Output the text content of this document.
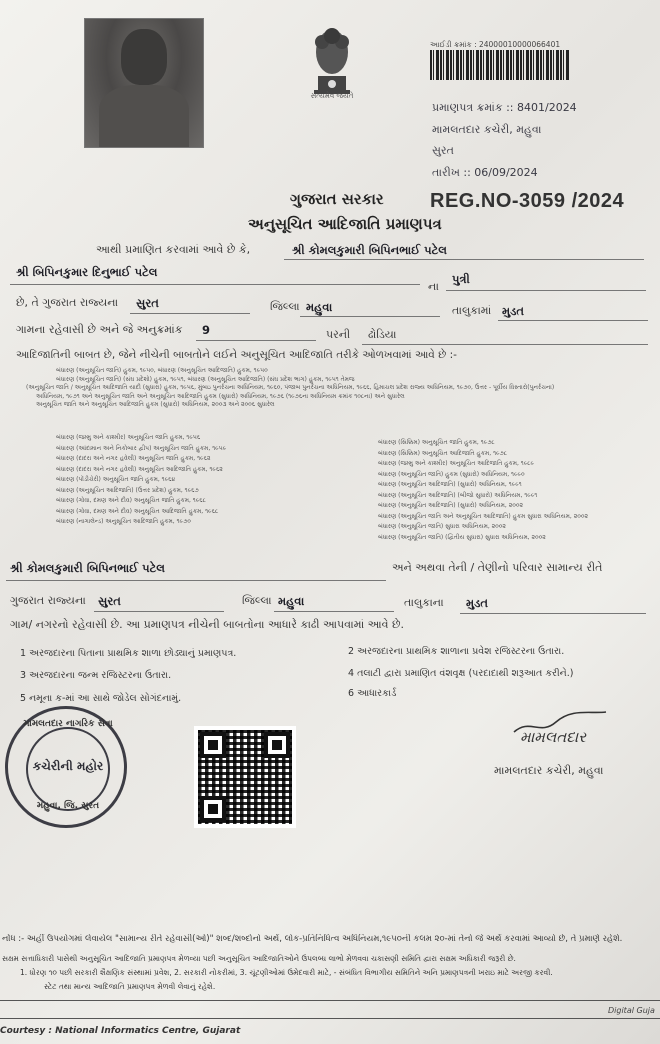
સત્યમેવ જયતે
આઈડી ક્રમાંક : 24000010000066401
પ્રમાણપત્ર ક્રમાંક :: 8401/2024
મામલતદાર કચેરી, મહુવા
સુરત
તારીખ :: 06/09/2024
ગુજરાત સરકાર REG.NO-3059 /2024
અનુસૂચિત આદિજાતિ પ્રમાણપત્ર
આથી પ્રમાણિત કરવામાં આવે છે કે,	શ્રી કોમલકુમારી બિપિનભાઈ પટેલ
શ્રી બિપિનકુમાર દિનુભાઈ પટેલ
ના
પુત્રી
છે, તે ગુજરાત રાજ્યના સુરત	જિલ્લા મહુવા	તાલુકામાં મુડત
ગામના રહેવાસી છે અને જે અનુક્રમાંક 9	પરની ઢોડિયા
આદિજાતિની બાબત છે, જેને નીચેની બાબતોને લઈને અનુસૂચિત આદિજાતિ તરીકે ઓળખવામાં આવે છે :-
બંધારણ (અનુસૂચિત જાતિ) હુકમ, ૧૯૫૦, બંધારણ (અનુસૂચિત આદિજાતિ) હુકમ, ૧૯૫૦
બંધારણ (અનુસૂચિત જાતિ) (સંઘ પ્રદેશો) હુકમ, ૧૯૫૧, બંધારણ (અનુસૂચિત આદિજાતિ) (સંઘ પ્રદેશ ભાગ) હુકમ, ૧૯૫૧ તેમજ
(અનુસૂચિત જાતિ / અનુસૂચિત આદિજાતિ યાદી (સુધારા) હુકમ, ૧૯૫૬, મુંબઇ પુનર્રચના અધિનિયમ, ૧૯૬૦, પંજાબ પુનર્રચના અધિનિયમ, ૧૯૬૬, હિમાચલ પ્રદેશ રાજ્ય અધિનિયમ, ૧૯૭૦, ઉત્તર - પૂર્વીય વિસ્તારો(પુનર્રચના)
અધિનિયમ, ૧૯૭૧ અને અનુસૂચિત જાતિ અને અનુસૂચિત આદિજાતિ હુકમ (સુધારો) અધિનિયમ, ૧૯૭૬ (૧૯૭૬ના અધિનિયમ ક્રમાંક ૧૦૮ના) અને સુધારેલ
અનુસૂચિત જાતિ અને અનુસૂચિત આદિજાતિ હુકમ (સુધારો) અધિનિયમ, ૨૦૦૩ અને ૨૦૦૬ સુધારેલ
બંધારણ (જમ્મુ અને કાશ્મીર) અનુસૂચિત જાતિ હુકમ, ૧૯૫૬
બંધારણ (આંદામાન અને નિકોબાર દ્વીપ) અનુસૂચિત જાતિ હુકમ, ૧૯૫૯
બંધારણ (દાદરા અને નગર હવેલી) અનુસૂચિત જાતિ હુકમ, ૧૯૬૨
બંધારણ (દાદરા અને નગર હવેલી) અનુસૂચિત આદિજાતિ હુકમ, ૧૯૬૨
બંધારણ (પોંડીચેરી) અનુસૂચિત જાતિ હુકમ, ૧૯૬૪
બંધારણ (અનુસૂચિત આદિજાતિ) (ઉત્તર પ્રદેશ) હુકમ, ૧૯૬૭
બંધારણ (ગોવા, દમણ અને દીવ) અનુસૂચિત જાતિ હુકમ, ૧૯૬૮
બંધારણ (ગોવા, દમણ અને દીવ) અનુસૂચિત આદિજાતિ હુકમ, ૧૯૬૮
બંધારણ (નાગાલેન્ડ) અનુસૂચિત આદિજાતિ હુકમ, ૧૯૭૦
બંધારણ (સિક્કિમ) અનુસૂચિત જાતિ હુકમ, ૧૯૭૮
બંધારણ (સિક્કિમ) અનુસૂચિત આદિજાતિ હુકમ, ૧૯૭૮
બંધારણ (જમ્મુ અને કાશ્મીર) અનુસૂચિત આદિજાતિ હુકમ, ૧૯૮૯
બંધારણ (અનુસૂચિત જાતિ) હુકમ (સુધારો) અધિનિયમ, ૧૯૯૦
બંધારણ (અનુસૂચિત આદિજાતિ) (સુધારો) અધિનિયમ, ૧૯૯૧
બંધારણ (અનુસૂચિત આદિજાતિ) (બીજો સુધારો) અધિનિયમ, ૧૯૯૧
બંધારણ (અનુસૂચિત આદિજાતિ) (સુધારો) અધિનિયમ, ૨૦૦૨
બંધારણ (અનુસૂચિત જાતિ અને અનુસૂચિત આદિજાતિ) હુકમ સુધારા અધિનિયમ, ૨૦૦૨
બંધારણ (અનુસૂચિત જાતિ) સુધારા અધિનિયમ, ૨૦૦૨
બંધારણ (અનુસૂચિત જાતિ) (દ્વિતીય સુધારા) સુધારા અધિનિયમ, ૨૦૦૨
શ્રી કોમલકુમારી બિપિનભાઈ પટેલ	અને અથવા તેની / તેણીનો પરિવાર સામાન્ય રીતે
ગુજરાત રાજ્યના સુરત	જિલ્લા મહુવા	તાલુકાના મુડત
ગામ/ નગરનો રહેવાસી છે. આ પ્રમાણપત્ર નીચેની બાબતોના આધારે કાઢી આપવામાં આવે છે.
1 અરજદારના પિતાના પ્રાથમિક શાળા છોડ્યાનું પ્રમાણપત્ર.	2 અરજદારના પ્રાથમિક શાળાના પ્રવેશ રજિસ્ટરના ઉતારા.
3 અરજદારના જન્મ રજિસ્ટરના ઉતારા.	4 તલાટી દ્વારા પ્રમાણિત વંશવૃક્ષ (પરદાદાથી શરૂઆત કરીને.)
5 નમૂના ક-માં આ સાથે જોડેલ સોગંદનામું.	6 આધારકાર્ડ
મામલતદાર નાગરિક સેવા
કચેરીની મહોર
મહુવા, જિ. સુરત
મામલતદાર
મામલતદાર કચેરી, મહુવા
નોંધ :- અહીં ઉપયોગમાં લેવાયેલ "સામાન્ય રીતે રહેવાસી(ઓ)" શબ્દ/શબ્દોનો અર્થ, લોક-પ્રતિનિધિત્વ અધિનિયમ,૧૯૫૦ની કલમ ૨૦-માં તેનો જે અર્થ કરવામાં આવ્યો છે, તે પ્રમાણે રહેશે.
સક્ષમ સત્તાધિકારી પાસેથી અનુસૂચિત આદિજાતિ પ્રમાણપત્ર મેળવ્યા પછી અનુસૂચિત આદિજાતિઓને ઉપલબ્ધ લાભો મેળવવા ચકાસણી સમિતિ દ્વારા સક્ષમ અધિકારી જરૂરી છે.
1. ધોરણ ૧૦ પછી સરકારી શૈક્ષણિક સંસ્થામાં પ્રવેશ, 2. સરકારી નોકરીમાં, 3. ચૂંટણીઓમાં ઉમેદવારી માટે, - સંબંધિત વિભાગીય સમિતિને અનિ પ્રમાણપત્રની ખરાઇ માટે અરજી કરવી.
સ્ટેટ તથા માન્ય આદિજાતિ પ્રમાણપત્ર મેળવી લેવાનું રહેશે.
Digital Guja
Courtesy : National Informatics Centre, Gujarat
